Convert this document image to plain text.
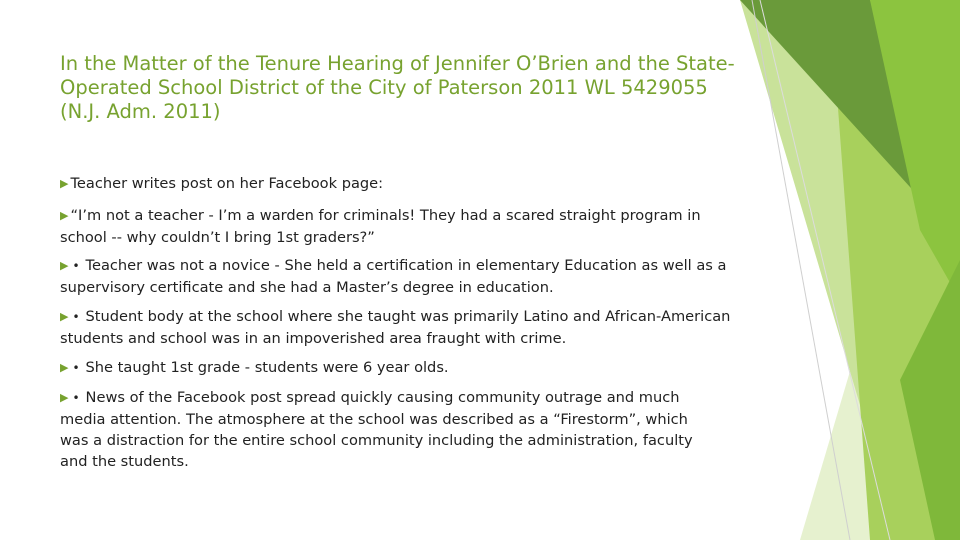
In the Matter of the Tenure Hearing of Jennifer O’Brien and the State-Operated School District of the City of Paterson 2011 WL 5429055 (N.J. Adm. 2011)
▶ Teacher writes post on her Facebook page:
▶ “I’m not a teacher - I’m a warden for criminals! They had a scared straight program in school -- why couldn’t I bring 1st graders?”
▶ • Teacher was not a novice - She held a certification in elementary Education as well as a supervisory certificate and she had a Master’s degree in education.
▶ • Student body at the school where she taught was primarily Latino and African-American students and school was in an impoverished area fraught with crime.
▶ • She taught 1st grade - students were 6 year olds.
▶ • News of the Facebook post spread quickly causing community outrage and much media attention. The atmosphere at the school was described as a “Firestorm”, which was a distraction for the entire school community including the administration, faculty and the students.
